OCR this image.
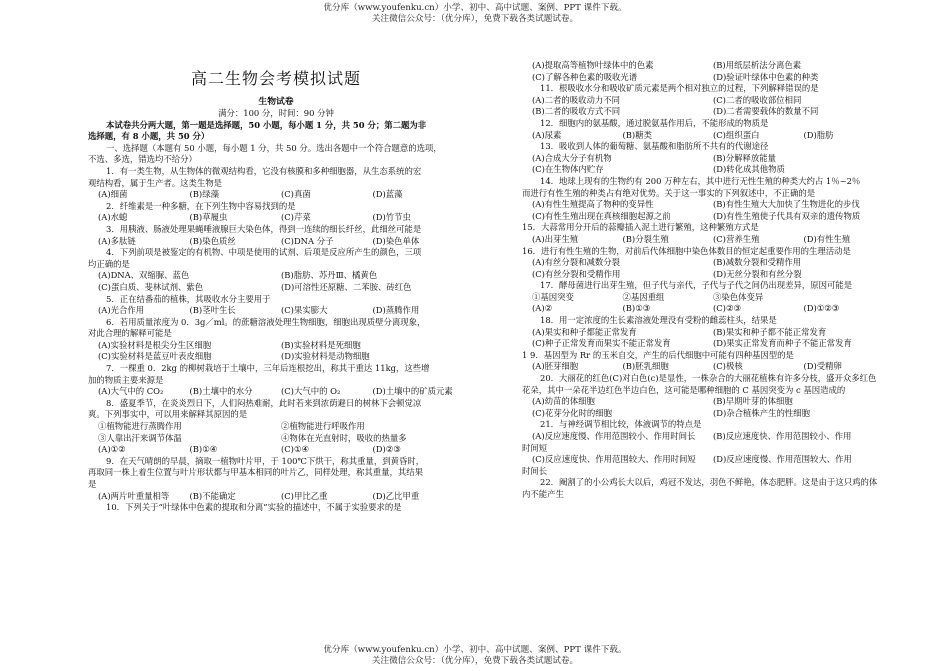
优分库（www.youfenku.cn）小学、初中、高中试题、案例、PPT 课件下载。

关注微信公众号：（优分库），免费下载各类试题试卷。

高二生物会考模拟试题
生物试卷

满分：100 分，时间：90 分钟

本试卷共分两大题，第一题是选择题，50 小题，每小题 1 分，共 50 分；第二题为非

选择题，有 8 小题，共 50 分）

一、选择题（本题有 50 小题，每小题 1 分，共 50 分。选出各题中一个符合题意的选项，

不选、多选，错选均不给分）

1．有一类生物，从生物体的微观结构看，它没有核膜和多种细胞器，从生态系统的宏

观结构看，属于生产者。这类生物是

(A)细菌	(B)绿藻	(C)真菌	(D)蓝藻

2．纤维素是一种多糖，在下列生物中容易找到的是

(A)水螅	(B)草履虫	(C)芹菜	(D)竹节虫

3．用胰液、肠液处理果蝇唾液腺巨大染色体，得到一连续的细长纤丝，此细丝可能是

(A)多肽链	(B)染色质丝	(C)DNA 分子	(D)染色单体

4．下列前项是被鉴定的有机物、中项是使用的试剂、后项是反应所产生的颜色，三项

均正确的是

(A)DNA、双缩脲、蓝色	(B)脂肪、苏丹Ⅲ、橘黄色
(C)蛋白质、斐林试剂、紫色	(D)可溶性还原糖、二苯胺、砖红色

5．正在结番茄的植株，其吸收水分主要用于

(A)光合作用	(B)茎叶生长	(C)果实膨大	(D)蒸腾作用

6．若用质量浓度为 0．3g／ml。的蔗糖溶液处理生物细胞，细胞出现质壁分离现象，

对此合理的解释可能是

(A)实验材料是根尖分生区细胞	(B)实验材料是死细胞
(C)实验材料是蓝豆叶表皮细胞	(D)实验材料是动物细胞

7．一棵重 0．2kg 的柳树栽培于土壤中，三年后连根挖出，称其干重达 11kg，这些增

加的物质主要来源是

(A)大气中的 CO₂	(B)土壤中的水分	(C)大气中的 O₂	(D)土壤中的矿质元素

8．盛夏季节，在炎炎烈日下，人们闷热难耐，此时若来到浓荫避日的树林下会顿觉凉

爽。下列事实中，可以用来解释其原因的是

①植物能进行蒸腾作用	②植物能进行呼吸作用
③人靠出汗来调节体温	④物体在光直射时，吸收的热量多
(A)①②	(B)①④	(C)①④	(D)②③

9．在天气晴朗的早晨，摘取一植物叶片甲，于 100℃下烘干，称其重量，到黄昏时，

再取同一株上着生位置与叶片形状都与甲基本相同的叶片乙，同样处理，称其重量，其结果

是

(A)两片叶重量相等	(B)不能确定	(C)甲比乙重	(D)乙比甲重

10．下列关于“叶绿体中色素的提取和分离”实验的描述中，不属于实验要求的是

(A)提取高等植物叶绿体中的色素	(B)用纸层析法分离色素
(C)了解各种色素的吸收光谱	(D)验证叶绿体中色素的种类

11．根吸收水分和吸收矿质元素是两个相对独立的过程，下列解释错误的是

(A)二者的吸收动力不同	(C)二者的吸收部位相同
(B)二者的吸收方式不同	(D)二者需要载体的数量不同

12．细胞内的氨基酸，通过脱氨基作用后，不能形成的物质是

(A)尿素	(B)糖类	(C)组织蛋白	(D)脂肪

13．吸收到人体的葡萄糖、氨基酸和脂肪所不共有的代谢途径

(A)合成大分子有机物	(B)分解释放能量
(C)在生物体内贮存	(D)转化成其他物质

14．地球上现有的生物约有 200 万种左右，其中进行无性生殖的种类大约占 1％~2％

而进行有性生殖的种类占有绝对优势。关于这一事实的下列叙述中，不正确的是

(A)有性生殖提高了物种的变异性	(B)有性生殖大大加快了生物进化的步伐
(C)有性生殖出现在真核细胞起源之前	(D)有性生殖使子代具有双亲的遗传物质

15．大蒜常用分开后的蒜瓣插入泥土进行繁殖，这种繁殖方式是

(A)出芽生殖	(B)分裂生殖	(C)营养生殖	(D)有性生殖

16．进行有性生殖的生物，对前后代体细胞中染色体数目的恒定起重要作用的生理活动是

(A)有丝分裂和减数分裂	(B)减数分裂和受精作用
(C)有丝分裂和受精作用	(D)无丝分裂和有丝分裂

17．酵母菌进行出芽生殖，但子代与亲代，子代与子代之间仍出现差异，原因可能是

①基因突变	②基因重组	③染色体变异
(A)②	(B)①③	(C)②③	(D)①②③

18．用一定浓度的生长素溶液处理没有受粉的雌蕊柱头，结果是

(A)果实和种子都能正常发育	(B)果实和种子都不能正常发育
(C)种子正常发育而果实不能正常发育	(D)果实正常发育而种子不能正常发育

1 9．基因型为 Rr 的玉米自交，产生的后代细胞中可能有四种基因型的是

(A)胚芽细胞	(B)胚乳细胞	(C)极核	(D)受精卵

20．大丽花的红色(C)对白色(c)是显性，一株杂合的大丽花植株有许多分枝，盛开众多红色

花朵，其中一朵花半边红色半边白色，这可能是哪种细胞的 C 基因突变为 c 基因造成的

(A)幼苗的体细胞	(B)早期叶芽的体细胞
(C)花芽分化时的细胞	(D)杂合植株产生的性细胞

21．与神经调节相比较，体液调节的特点是

(A)反应速度慢、作用范围较小、作用时间长	(B)反应速度快、作用范围较小、作用

时间短

(C)反应速度快、作用范围较大、作用时间短	(D)反应速度慢、作用范围较大、作用

时间长

22．阉割了的小公鸡长大以后，鸡冠不发达，羽色不鲜艳，体态肥胖。这是由于这只鸡的体

内不能产生

优分库（www.youfenku.cn）小学、初中、高中试题、案例、PPT 课件下载。

关注微信公众号：（优分库），免费下载各类试题试卷。
